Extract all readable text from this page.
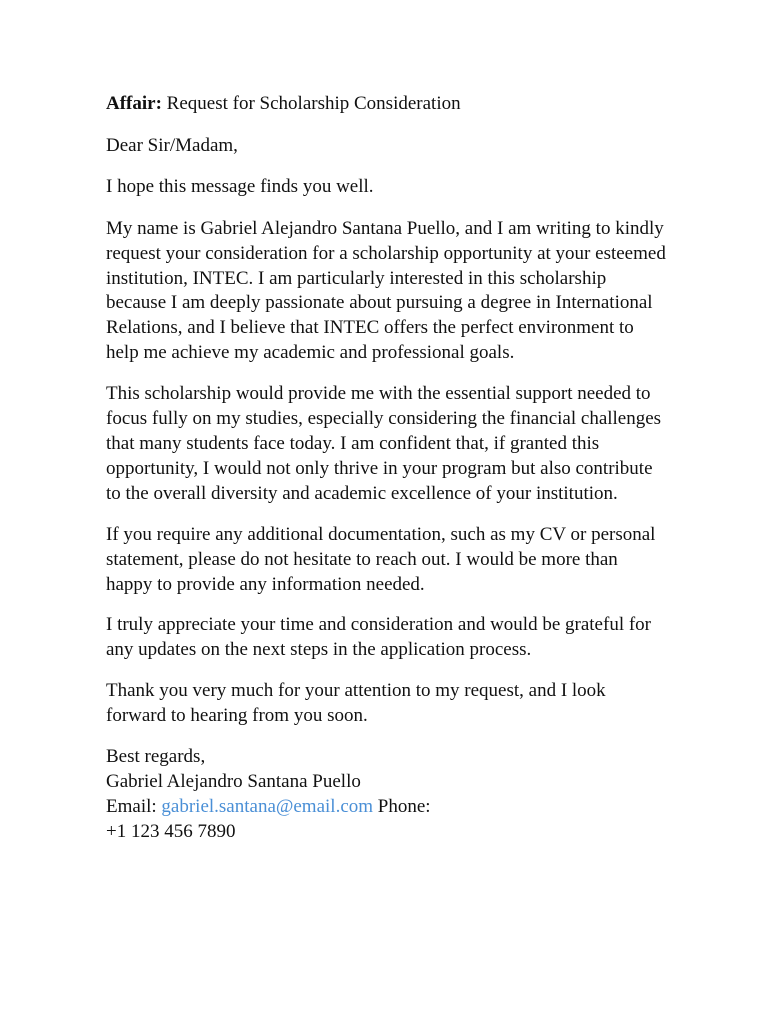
Affair: Request for Scholarship Consideration

Dear Sir/Madam,

I hope this message finds you well.

My name is Gabriel Alejandro Santana Puello, and I am writing to kindly request your consideration for a scholarship opportunity at your esteemed institution, INTEC. I am particularly interested in this scholarship because I am deeply passionate about pursuing a degree in International Relations, and I believe that INTEC offers the perfect environment to help me achieve my academic and professional goals.

This scholarship would provide me with the essential support needed to focus fully on my studies, especially considering the financial challenges that many students face today. I am confident that, if granted this opportunity, I would not only thrive in your program but also contribute to the overall diversity and academic excellence of your institution.

If you require any additional documentation, such as my CV or personal statement, please do not hesitate to reach out. I would be more than happy to provide any information needed.

I truly appreciate your time and consideration and would be grateful for any updates on the next steps in the application process.

Thank you very much for your attention to my request, and I look forward to hearing from you soon.

Best regards,
Gabriel Alejandro Santana Puello
Email: gabriel.santana@email.com Phone:
+1 123 456 7890
